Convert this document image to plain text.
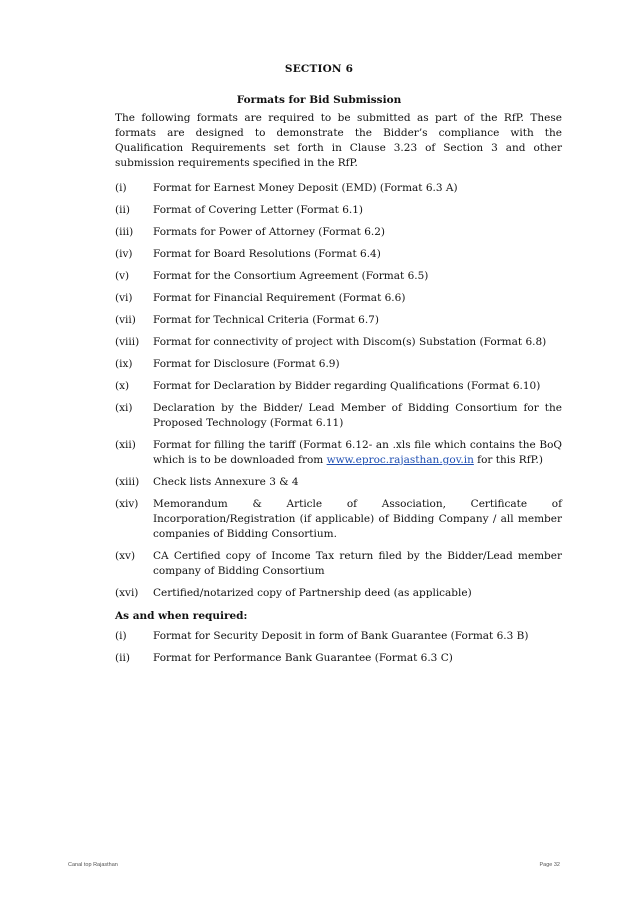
SECTION 6
Formats for Bid Submission
The following formats are required to be submitted as part of the RfP. These formats are designed to demonstrate the Bidder’s compliance with the Qualification Requirements set forth in Clause 3.23 of Section 3 and other submission requirements specified in the RfP.
(i)	Format for Earnest Money Deposit (EMD) (Format 6.3 A)
(ii)	Format of Covering Letter (Format 6.1)
(iii)	Formats for Power of Attorney (Format 6.2)
(iv)	Format for Board Resolutions (Format 6.4)
(v)	Format for the Consortium Agreement (Format 6.5)
(vi)	Format for Financial Requirement (Format 6.6)
(vii)	Format for Technical Criteria (Format 6.7)
(viii)	Format for connectivity of project with Discom(s) Substation (Format 6.8)
(ix)	Format for Disclosure (Format 6.9)
(x)	Format for Declaration by Bidder regarding Qualifications (Format 6.10)
(xi)	Declaration by the Bidder/ Lead Member of Bidding Consortium for the Proposed Technology (Format 6.11)
(xii)	Format for filling the tariff (Format 6.12- an .xls file which contains the BoQ which is to be downloaded from www.eproc.rajasthan.gov.in for this RfP.)
(xiii)	Check lists Annexure 3 & 4
(xiv)	Memorandum & Article of Association, Certificate of Incorporation/Registration (if applicable) of Bidding Company / all member companies of Bidding Consortium.
(xv)	CA Certified copy of Income Tax return filed by the Bidder/Lead member company of Bidding Consortium
(xvi)	Certified/notarized copy of Partnership deed (as applicable)
As and when required:
(i)	Format for Security Deposit in form of Bank Guarantee (Format 6.3 B)
(ii)	Format for Performance Bank Guarantee (Format 6.3 C)
Canal top Rajasthan	Page 32
